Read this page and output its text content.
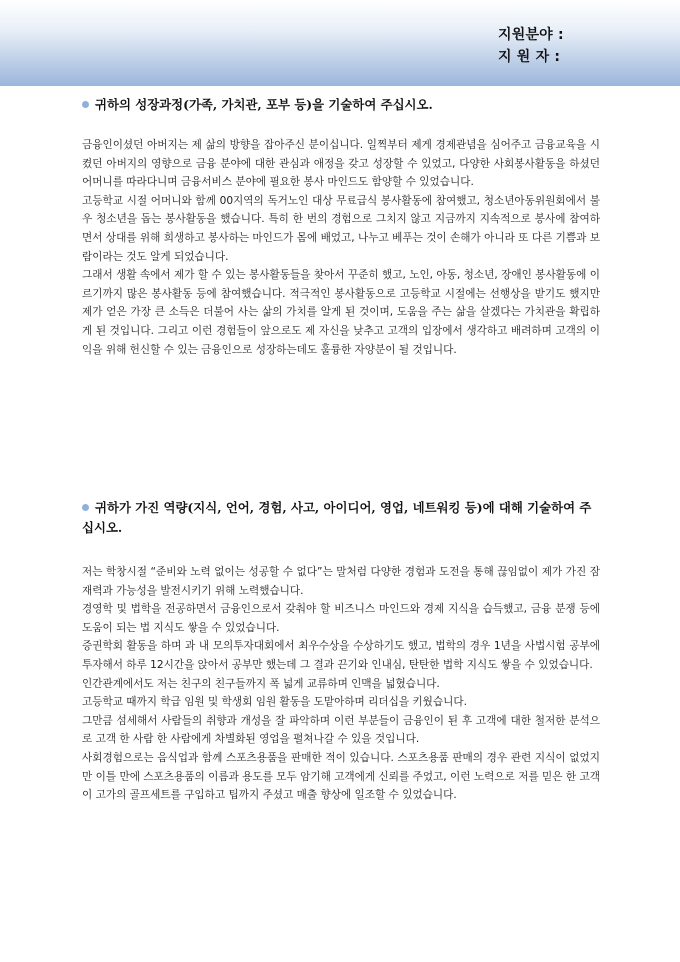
지원분야 :
지 원 자 :

귀하의 성장과정(가족, 가치관, 포부 등)을 기술하여 주십시오.

금융인이셨던 아버지는 제 삶의 방향을 잡아주신 분이십니다. 일찍부터 제게 경제관념을 심어주고 금융교육을 시켰던 아버지의 영향으로 금융 분야에 대한 관심과 애정을 갖고 성장할 수 있었고, 다양한 사회봉사활동을 하셨던 어머니를 따라다니며 금융서비스 분야에 필요한 봉사 마인드도 함양할 수 있었습니다.

고등학교 시절 어머니와 함께 00지역의 독거노인 대상 무료급식 봉사활동에 참여했고, 청소년아동위원회에서 불우 청소년을 돕는 봉사활동을 했습니다. 특히 한 번의 경험으로 그치지 않고 지금까지 지속적으로 봉사에 참여하면서 상대를 위해 희생하고 봉사하는 마인드가 몸에 배었고, 나누고 베푸는 것이 손해가 아니라 또 다른 기쁨과 보람이라는 것도 알게 되었습니다.

그래서 생활 속에서 제가 할 수 있는 봉사활동들을 찾아서 꾸준히 했고, 노인, 아동, 청소년, 장애인 봉사활동에 이르기까지 많은 봉사활동 등에 참여했습니다. 적극적인 봉사활동으로 고등학교 시절에는 선행상을 받기도 했지만 제가 얻은 가장 큰 소득은 더불어 사는 삶의 가치를 알게 된 것이며, 도움을 주는 삶을 살겠다는 가치관을 확립하게 된 것입니다. 그리고 이런 경험들이 앞으로도 제 자신을 낮추고 고객의 입장에서 생각하고 배려하며 고객의 이익을 위해 헌신할 수 있는 금융인으로 성장하는데도 훌륭한 자양분이 될 것입니다.

귀하가 가진 역량(지식, 언어, 경험, 사고, 아이디어, 영업, 네트워킹 등)에 대해 기술하여 주십시오.

저는 학창시절 “준비와 노력 없이는 성공할 수 없다”는 말처럼 다양한 경험과 도전을 통해 끊임없이 제가 가진 잠재력과 가능성을 발전시키기 위해 노력했습니다.

경영학 및 법학을 전공하면서 금융인으로서 갖춰야 할 비즈니스 마인드와 경제 지식을 습득했고, 금융 분쟁 등에 도움이 되는 법 지식도 쌓을 수 있었습니다.

증권학회 활동을 하며 과 내 모의투자대회에서 최우수상을 수상하기도 했고, 법학의 경우 1년을 사법시험 공부에 투자해서 하루 12시간을 앉아서 공부만 했는데 그 결과 끈기와 인내심, 탄탄한 법학 지식도 쌓을 수 있었습니다.

인간관계에서도 저는 친구의 친구들까지 폭 넓게 교류하며 인맥을 넓혔습니다.

고등학교 때까지 학급 임원 및 학생회 임원 활동을 도맡아하며 리더십을 키웠습니다.

그만큼 섬세해서 사람들의 취향과 개성을 잘 파악하며 이런 부분들이 금융인이 된 후 고객에 대한 철저한 분석으로 고객 한 사람 한 사람에게 차별화된 영업을 펼쳐나갈 수 있을 것입니다.

사회경험으로는 음식업과 함께 스포츠용품을 판매한 적이 있습니다. 스포츠용품 판매의 경우 관련 지식이 없었지만 이틀 만에 스포츠용품의 이름과 용도를 모두 암기해 고객에게 신뢰를 주었고, 이런 노력으로 저를 믿은 한 고객이 고가의 골프세트를 구입하고 팁까지 주셨고 매출 향상에 일조할 수 있었습니다.
